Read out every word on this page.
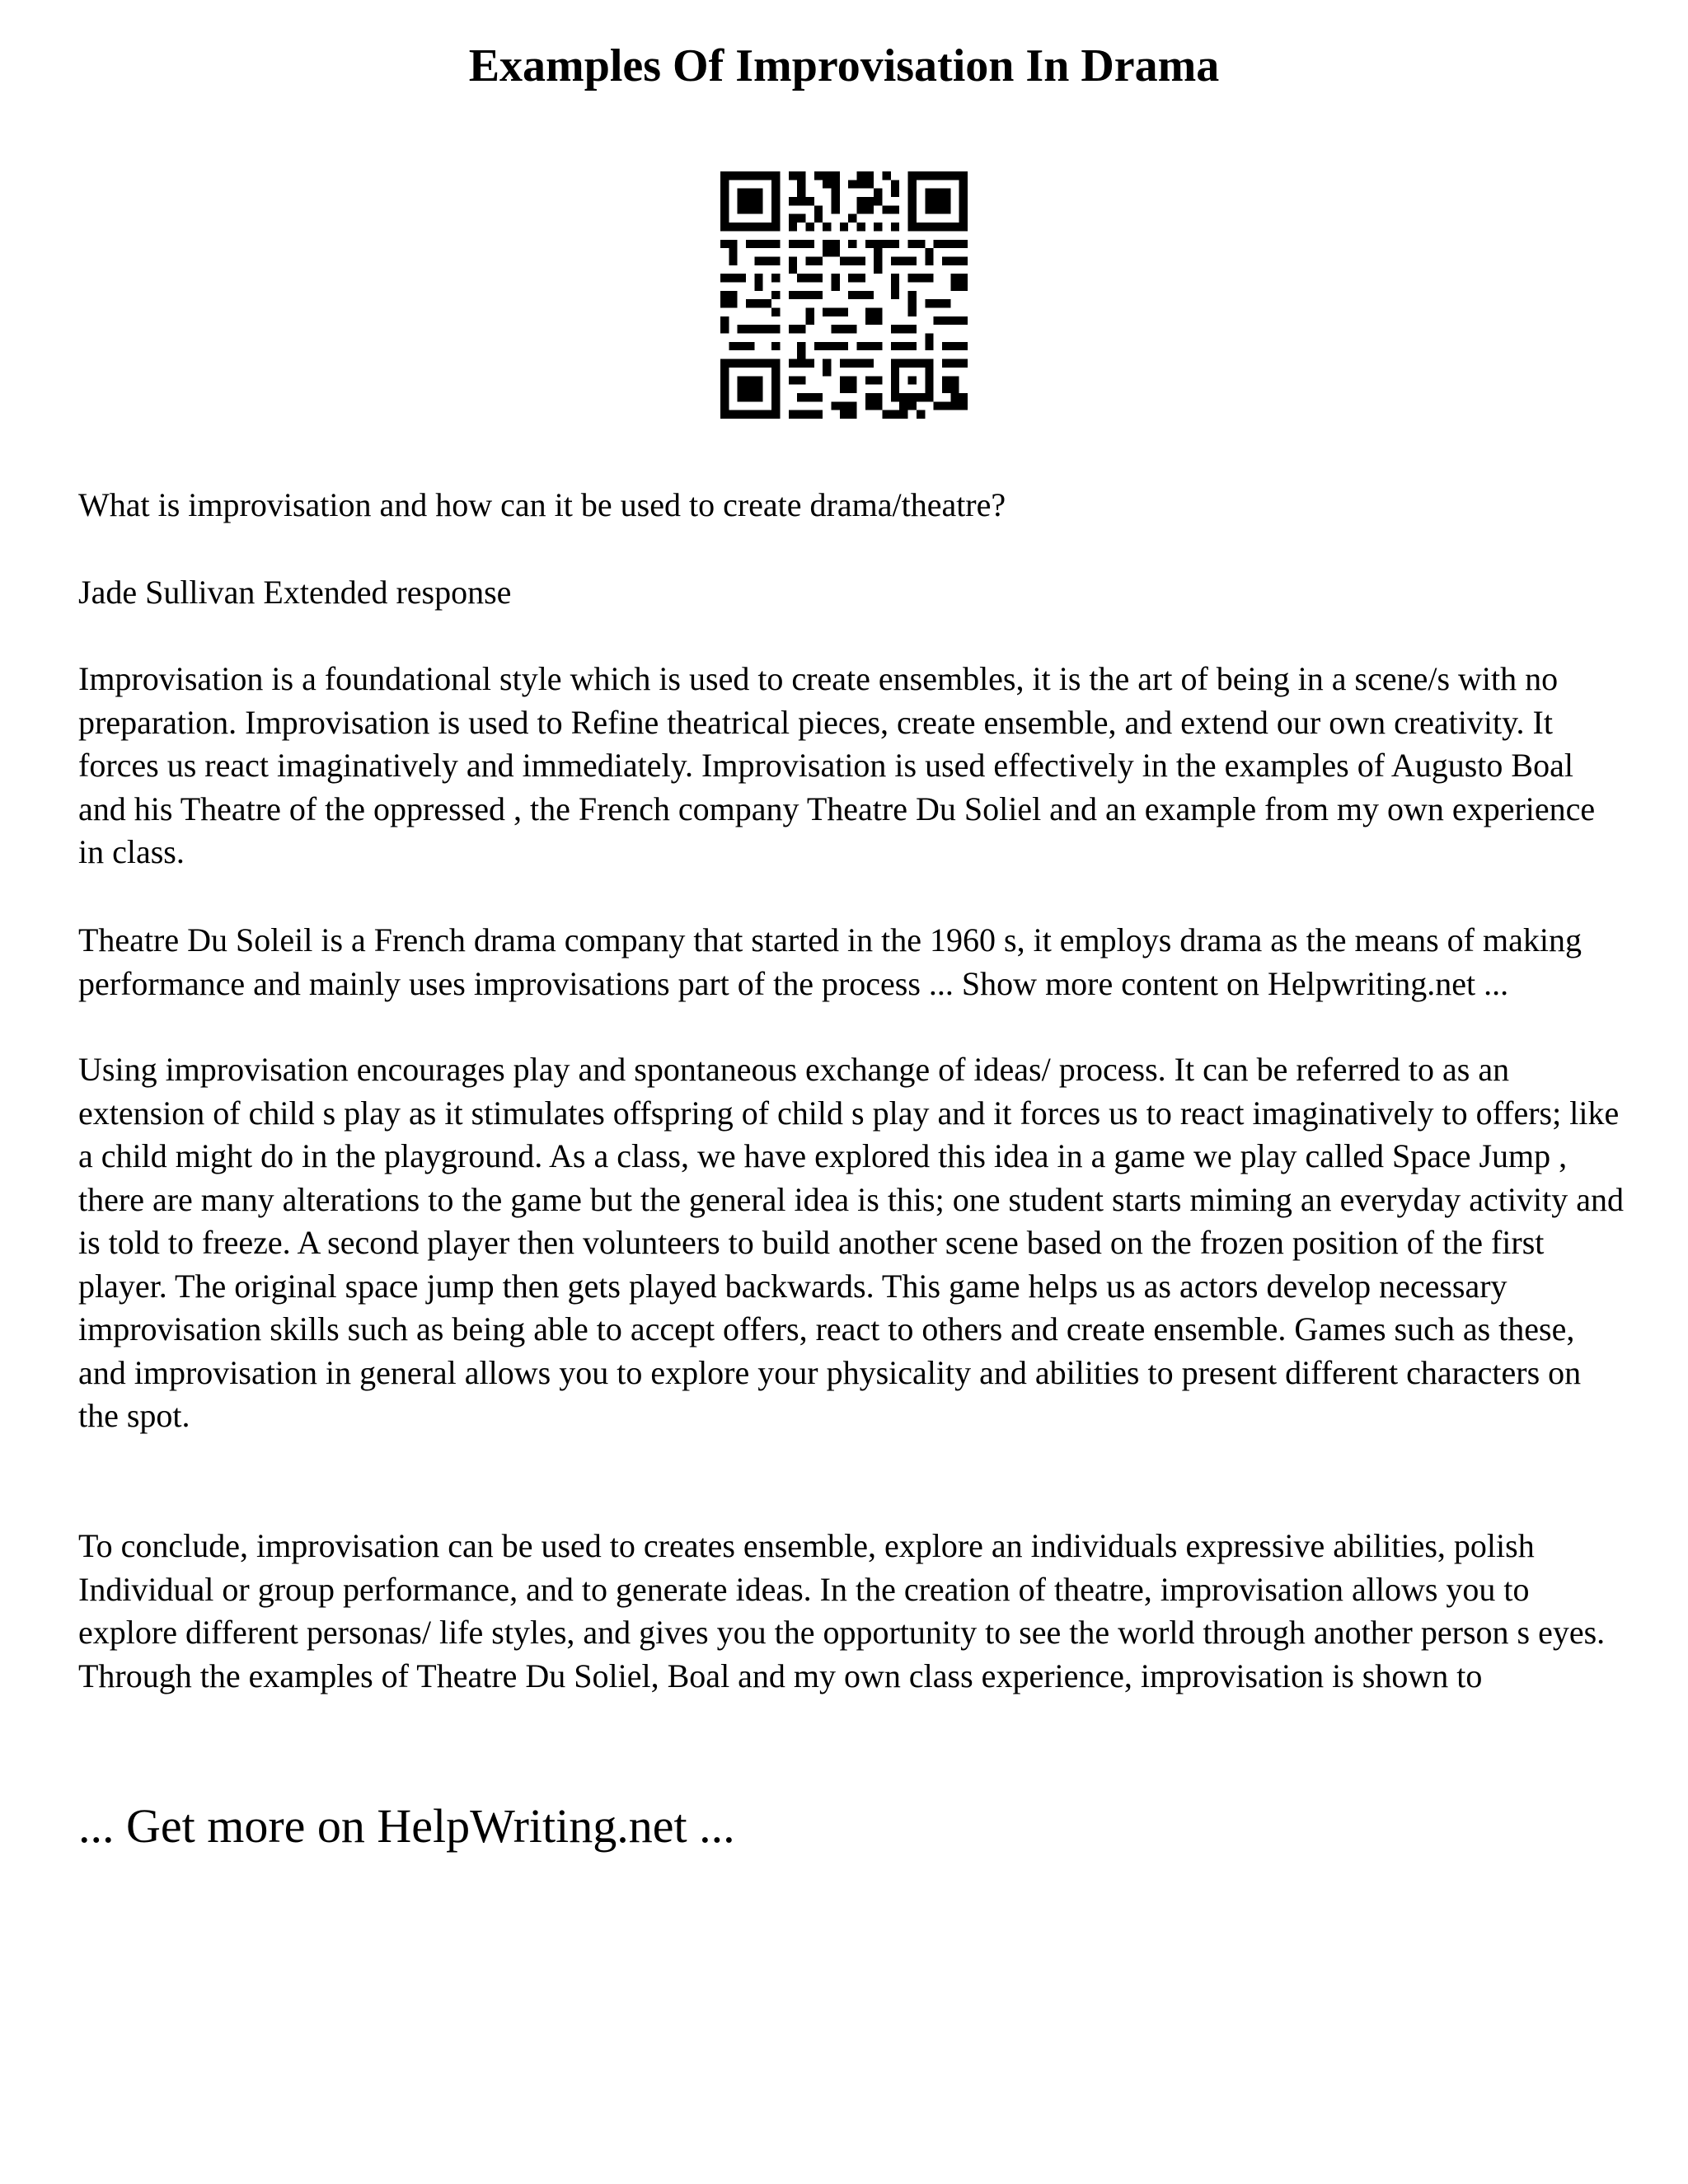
Examples Of Improvisation In Drama

What is improvisation and how can it be used to create drama/theatre?

Jade Sullivan Extended response

Improvisation is a foundational style which is used to create ensembles, it is the art of being in a scene/s with no preparation. Improvisation is used to Refine theatrical pieces, create ensemble, and extend our own creativity. It forces us react imaginatively and immediately. Improvisation is used effectively in the examples of Augusto Boal and his Theatre of the oppressed , the French company Theatre Du Soliel and an example from my own experience in class.

Theatre Du Soleil is a French drama company that started in the 1960 s, it employs drama as the means of making performance and mainly uses improvisations part of the process ... Show more content on Helpwriting.net ...

Using improvisation encourages play and spontaneous exchange of ideas/ process. It can be referred to as an extension of child s play as it stimulates offspring of child s play and it forces us to react imaginatively to offers; like a child might do in the playground. As a class, we have explored this idea in a game we play called Space Jump , there are many alterations to the game but the general idea is this; one student starts miming an everyday activity and is told to freeze. A second player then volunteers to build another scene based on the frozen position of the first player. The original space jump then gets played backwards. This game helps us as actors develop necessary improvisation skills such as being able to accept offers, react to others and create ensemble. Games such as these, and improvisation in general allows you to explore your physicality and abilities to present different characters on the spot.

To conclude, improvisation can be used to creates ensemble, explore an individuals expressive abilities, polish Individual or group performance, and to generate ideas. In the creation of theatre, improvisation allows you to explore different personas/ life styles, and gives you the opportunity to see the world through another person s eyes. Through the examples of Theatre Du Soliel, Boal and my own class experience, improvisation is shown to

... Get more on HelpWriting.net ...
